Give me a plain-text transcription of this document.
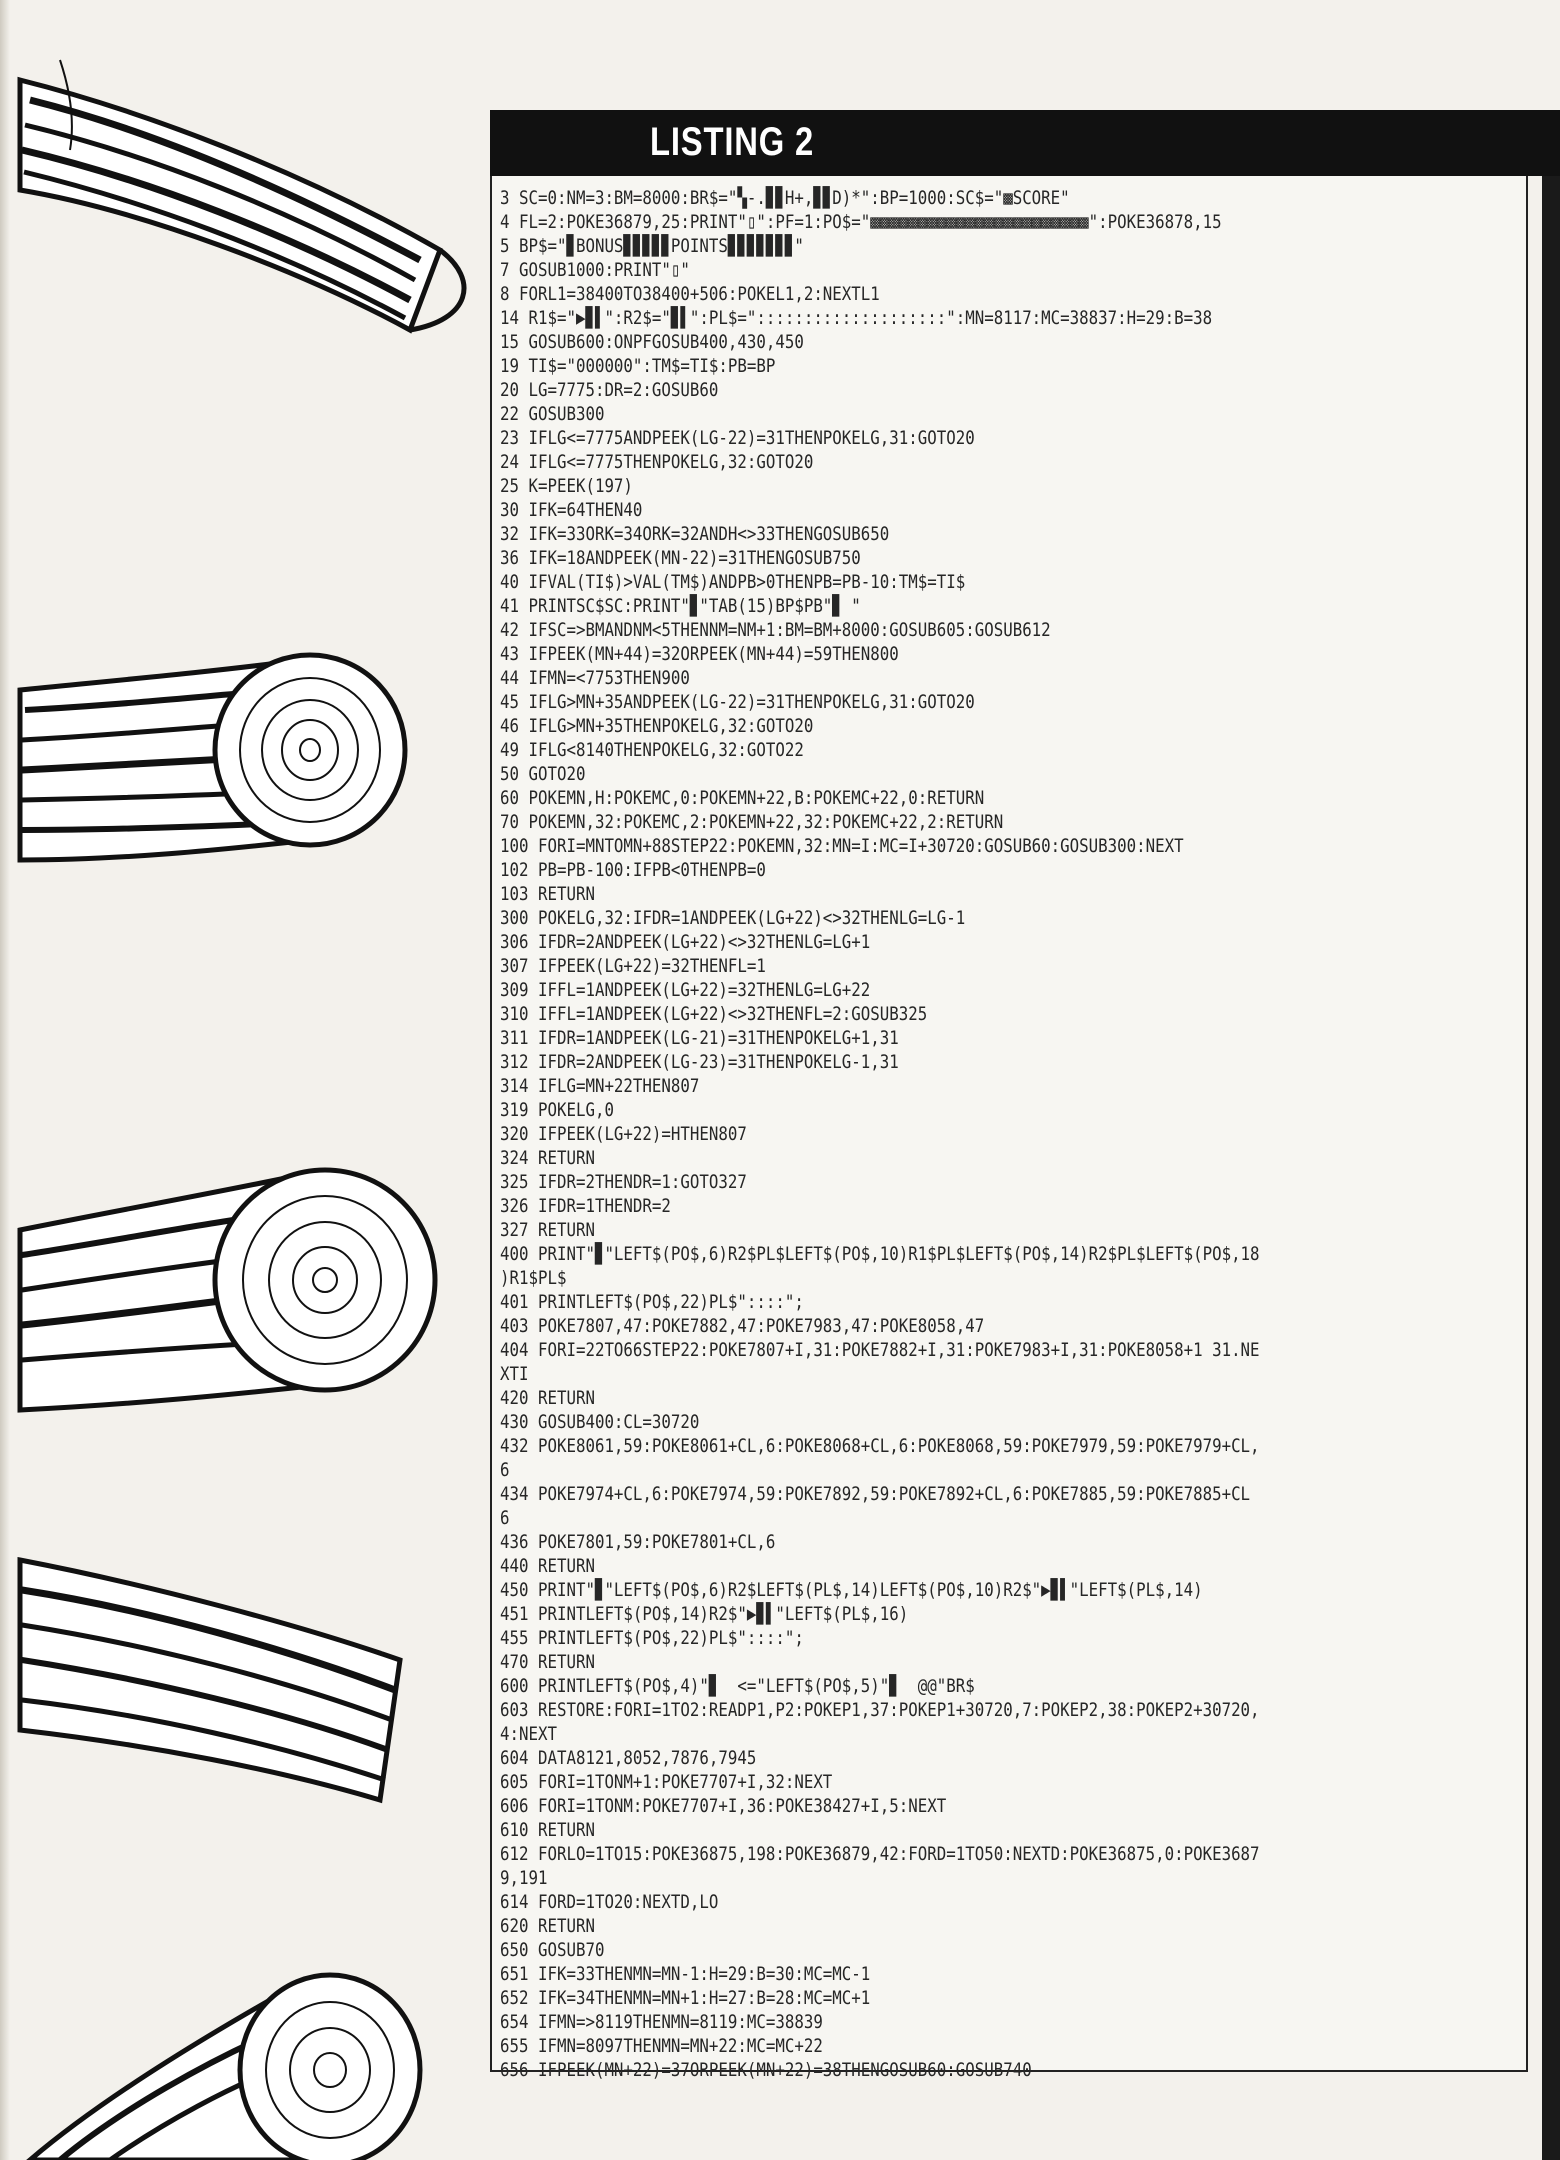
LISTING 2
3 SC=0:NM=3:BM=8000:BR$="▚-.▊▊H+,▊▊D)*":BP=1000:SC$="▩SCORE"
4 FL=2:POKE36879,25:PRINT"▯":PF=1:PO$="▩▩▩▩▩▩▩▩▩▩▩▩▩▩▩▩▩▩▩▩▩▩▩":POKE36878,15
5 BP$="▊BONUS▊▊▊▊▊POINTS▊▊▊▊▊▊▊"
7 GOSUB1000:PRINT"▯"
8 FORL1=38400TO38400+506:POKEL1,2:NEXTL1
14 R1$="▶▊▌":R2$="▊▌":PL$="::::::::::::::::::::":MN=8117:MC=38837:H=29:B=38
15 GOSUB600:ONPFGOSUB400,430,450
19 TI$="000000":TM$=TI$:PB=BP
20 LG=7775:DR=2:GOSUB60
22 GOSUB300
23 IFLG<=7775ANDPEEK(LG-22)=31THENPOKELG,31:GOTO20
24 IFLG<=7775THENPOKELG,32:GOTO20
25 K=PEEK(197)
30 IFK=64THEN40
32 IFK=33ORK=34ORK=32ANDH<>33THENGOSUB650
36 IFK=18ANDPEEK(MN-22)=31THENGOSUB750
40 IFVAL(TI$)>VAL(TM$)ANDPB>0THENPB=PB-10:TM$=TI$
41 PRINTSC$SC:PRINT"▊"TAB(15)BP$PB"▊ "
42 IFSC=>BMANDNM<5THENNM=NM+1:BM=BM+8000:GOSUB605:GOSUB612
43 IFPEEK(MN+44)=32ORPEEK(MN+44)=59THEN800
44 IFMN=<7753THEN900
45 IFLG>MN+35ANDPEEK(LG-22)=31THENPOKELG,31:GOTO20
46 IFLG>MN+35THENPOKELG,32:GOTO20
49 IFLG<8140THENPOKELG,32:GOTO22
50 GOTO20
60 POKEMN,H:POKEMC,0:POKEMN+22,B:POKEMC+22,0:RETURN
70 POKEMN,32:POKEMC,2:POKEMN+22,32:POKEMC+22,2:RETURN
100 FORI=MNTOMN+88STEP22:POKEMN,32:MN=I:MC=I+30720:GOSUB60:GOSUB300:NEXT
102 PB=PB-100:IFPB<0THENPB=0
103 RETURN
300 POKELG,32:IFDR=1ANDPEEK(LG+22)<>32THENLG=LG-1
306 IFDR=2ANDPEEK(LG+22)<>32THENLG=LG+1
307 IFPEEK(LG+22)=32THENFL=1
309 IFFL=1ANDPEEK(LG+22)=32THENLG=LG+22
310 IFFL=1ANDPEEK(LG+22)<>32THENFL=2:GOSUB325
311 IFDR=1ANDPEEK(LG-21)=31THENPOKELG+1,31
312 IFDR=2ANDPEEK(LG-23)=31THENPOKELG-1,31
314 IFLG=MN+22THEN807
319 POKELG,0
320 IFPEEK(LG+22)=HTHEN807
324 RETURN
325 IFDR=2THENDR=1:GOTO327
326 IFDR=1THENDR=2
327 RETURN
400 PRINT"▊"LEFT$(PO$,6)R2$PL$LEFT$(PO$,10)R1$PL$LEFT$(PO$,14)R2$PL$LEFT$(PO$,18
)R1$PL$
401 PRINTLEFT$(PO$,22)PL$"::::";
403 POKE7807,47:POKE7882,47:POKE7983,47:POKE8058,47
404 FORI=22TO66STEP22:POKE7807+I,31:POKE7882+I,31:POKE7983+I,31:POKE8058+1 31.NE
XTI
420 RETURN
430 GOSUB400:CL=30720
432 POKE8061,59:POKE8061+CL,6:POKE8068+CL,6:POKE8068,59:POKE7979,59:POKE7979+CL,
6
434 POKE7974+CL,6:POKE7974,59:POKE7892,59:POKE7892+CL,6:POKE7885,59:POKE7885+CL
6
436 POKE7801,59:POKE7801+CL,6
440 RETURN
450 PRINT"▊"LEFT$(PO$,6)R2$LEFT$(PL$,14)LEFT$(PO$,10)R2$"▶▊▌"LEFT$(PL$,14)
451 PRINTLEFT$(PO$,14)R2$"▶▊▌"LEFT$(PL$,16)
455 PRINTLEFT$(PO$,22)PL$"::::";
470 RETURN
600 PRINTLEFT$(PO$,4)"▊  <="LEFT$(PO$,5)"▊  @@"BR$
603 RESTORE:FORI=1TO2:READP1,P2:POKEP1,37:POKEP1+30720,7:POKEP2,38:POKEP2+30720,
4:NEXT
604 DATA8121,8052,7876,7945
605 FORI=1TONM+1:POKE7707+I,32:NEXT
606 FORI=1TONM:POKE7707+I,36:POKE38427+I,5:NEXT
610 RETURN
612 FORLO=1TO15:POKE36875,198:POKE36879,42:FORD=1TO50:NEXTD:POKE36875,0:POKE3687
9,191
614 FORD=1TO20:NEXTD,LO
620 RETURN
650 GOSUB70
651 IFK=33THENMN=MN-1:H=29:B=30:MC=MC-1
652 IFK=34THENMN=MN+1:H=27:B=28:MC=MC+1
654 IFMN=>8119THENMN=8119:MC=38839
655 IFMN=8097THENMN=MN+22:MC=MC+22
656 IFPEEK(MN+22)=37ORPEEK(MN+22)=38THENGOSUB60:GOSUB740
